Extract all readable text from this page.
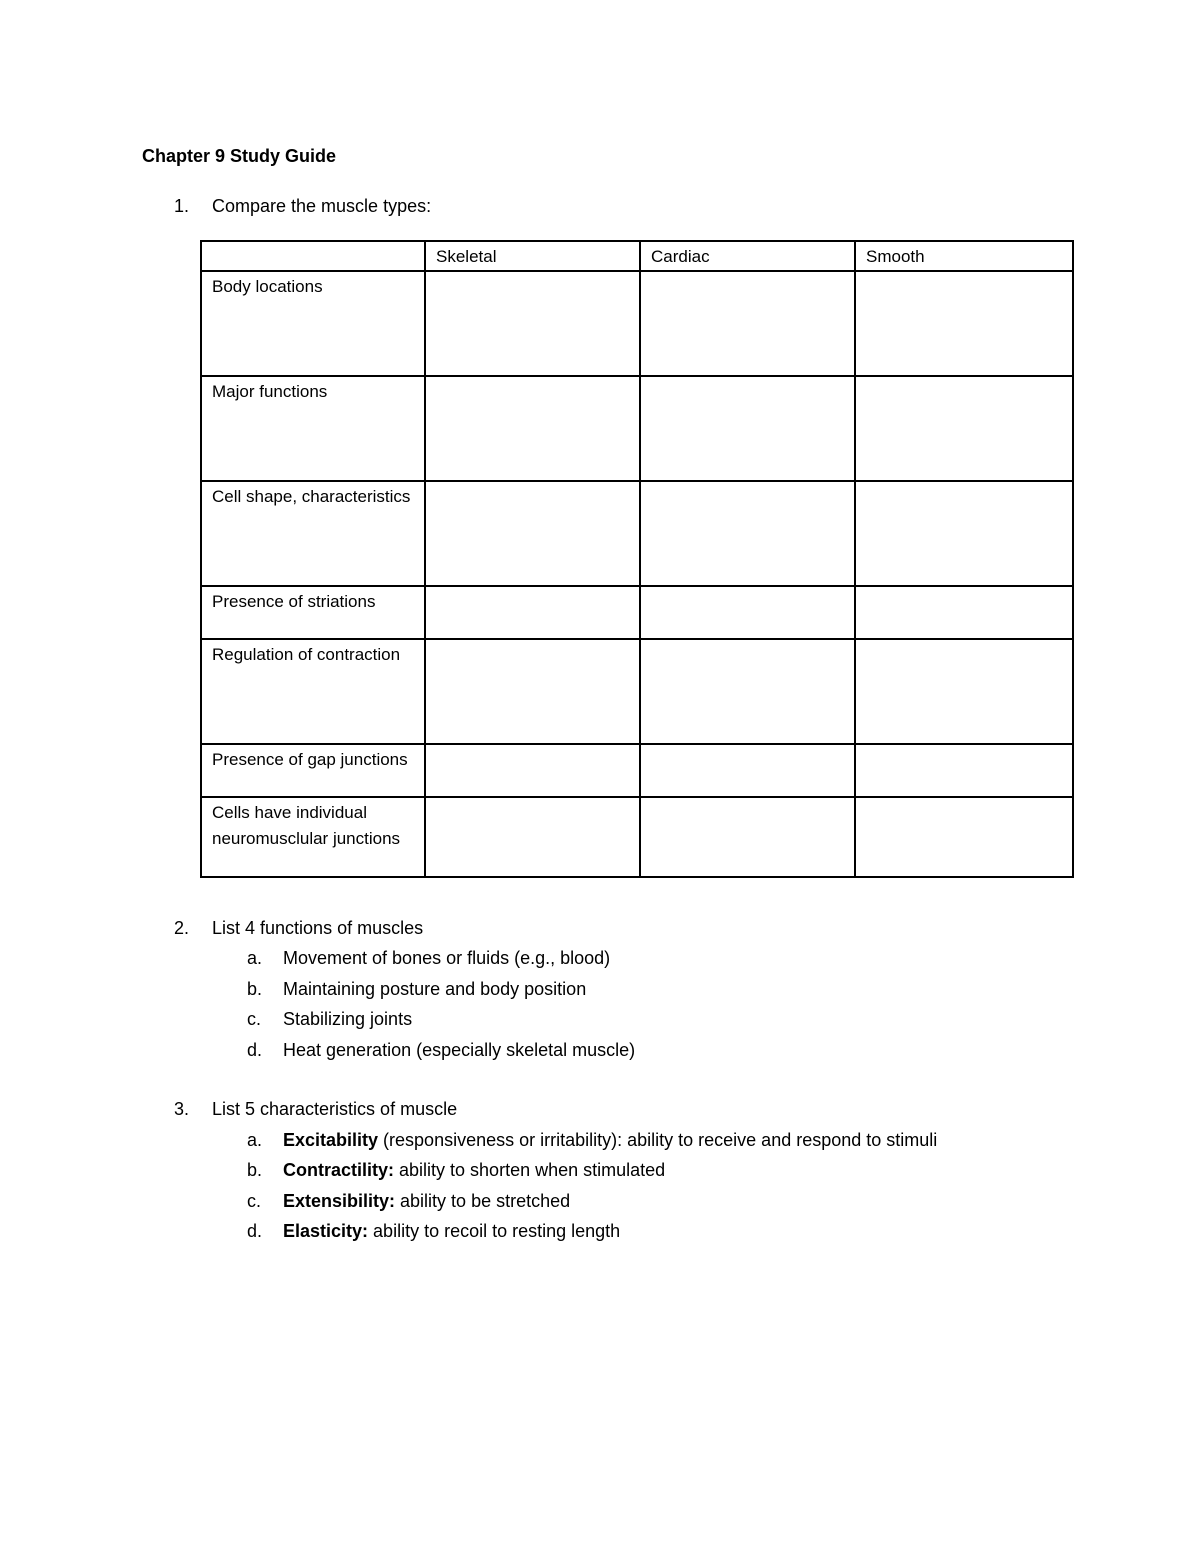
Chapter 9 Study Guide
1.	Compare the muscle types:
	Skeletal	Cardiac	Smooth
Body locations			
Major functions			
Cell shape, characteristics			
Presence of striations			
Regulation of contraction			
Presence of gap junctions			
Cells have individual neuromusclular junctions			
2.	List 4 functions of muscles
a.	Movement of bones or fluids (e.g., blood)
b.	Maintaining posture and body position
c.	Stabilizing joints
d.	Heat generation (especially skeletal muscle)
3.	List 5 characteristics of muscle
a.	Excitability (responsiveness or irritability): ability to receive and respond to stimuli
b.	Contractility: ability to shorten when stimulated
c.	Extensibility: ability to be stretched
d.	Elasticity: ability to recoil to resting length
